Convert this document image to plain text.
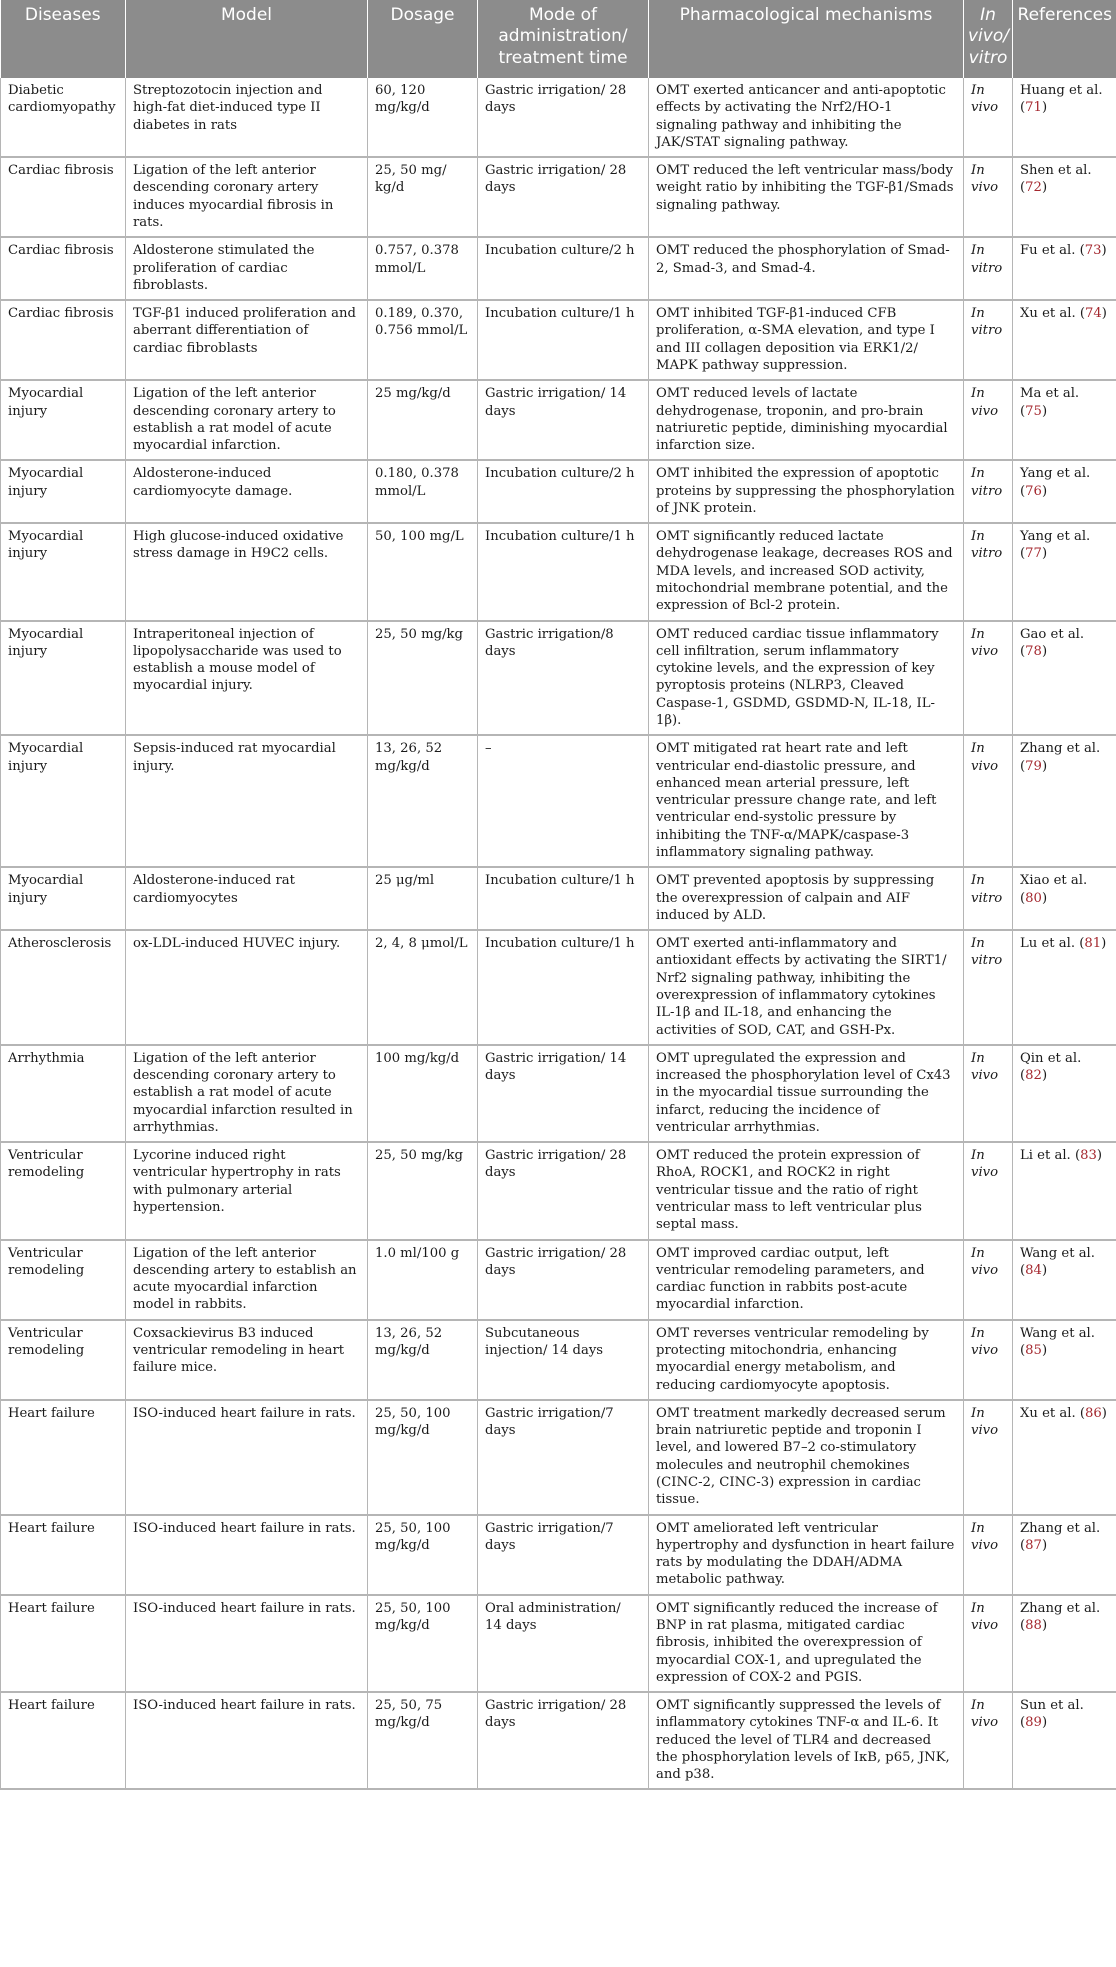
Diseases	Model	Dosage	Mode of administration/ treatment time	Pharmacological mechanisms	In vivo/ vitro	References
Diabetic cardiomyopathy	Streptozotocin injection and high-fat diet-induced type II diabetes in rats	60, 120 mg/kg/d	Gastric irrigation/ 28 days	OMT exerted anticancer and anti-apoptotic effects by activating the Nrf2/HO-1 signaling pathway and inhibiting the JAK/STAT signaling pathway.	In vivo	Huang et al. (71)
Cardiac fibrosis	Ligation of the left anterior descending coronary artery induces myocardial fibrosis in rats.	25, 50 mg/ kg/d	Gastric irrigation/ 28 days	OMT reduced the left ventricular mass/body weight ratio by inhibiting the TGF-β1/Smads signaling pathway.	In vivo	Shen et al. (72)
Cardiac fibrosis	Aldosterone stimulated the proliferation of cardiac fibroblasts.	0.757, 0.378 mmol/L	Incubation culture/2 h	OMT reduced the phosphorylation of Smad-2, Smad-3, and Smad-4.	In vitro	Fu et al. (73)
Cardiac fibrosis	TGF-β1 induced proliferation and aberrant differentiation of cardiac fibroblasts	0.189, 0.370, 0.756 mmol/L	Incubation culture/1 h	OMT inhibited TGF-β1-induced CFB proliferation, α-SMA elevation, and type I and III collagen deposition via ERK1/2/ MAPK pathway suppression.	In vitro	Xu et al. (74)
Myocardial injury	Ligation of the left anterior descending coronary artery to establish a rat model of acute myocardial infarction.	25 mg/kg/d	Gastric irrigation/ 14 days	OMT reduced levels of lactate dehydrogenase, troponin, and pro-brain natriuretic peptide, diminishing myocardial infarction size.	In vivo	Ma et al. (75)
Myocardial injury	Aldosterone-induced cardiomyocyte damage.	0.180, 0.378 mmol/L	Incubation culture/2 h	OMT inhibited the expression of apoptotic proteins by suppressing the phosphorylation of JNK protein.	In vitro	Yang et al. (76)
Myocardial injury	High glucose-induced oxidative stress damage in H9C2 cells.	50, 100 mg/L	Incubation culture/1 h	OMT significantly reduced lactate dehydrogenase leakage, decreases ROS and MDA levels, and increased SOD activity, mitochondrial membrane potential, and the expression of Bcl-2 protein.	In vitro	Yang et al. (77)
Myocardial injury	Intraperitoneal injection of lipopolysaccharide was used to establish a mouse model of myocardial injury.	25, 50 mg/kg	Gastric irrigation/8 days	OMT reduced cardiac tissue inflammatory cell infiltration, serum inflammatory cytokine levels, and the expression of key pyroptosis proteins (NLRP3, Cleaved Caspase-1, GSDMD, GSDMD-N, IL-18, IL-1β).	In vivo	Gao et al. (78)
Myocardial injury	Sepsis-induced rat myocardial injury.	13, 26, 52 mg/kg/d	–	OMT mitigated rat heart rate and left ventricular end-diastolic pressure, and enhanced mean arterial pressure, left ventricular pressure change rate, and left ventricular end-systolic pressure by inhibiting the TNF-α/MAPK/caspase-3 inflammatory signaling pathway.	In vivo	Zhang et al. (79)
Myocardial injury	Aldosterone-induced rat cardiomyocytes	25 μg/ml	Incubation culture/1 h	OMT prevented apoptosis by suppressing the overexpression of calpain and AIF induced by ALD.	In vitro	Xiao et al. (80)
Atherosclerosis	ox-LDL-induced HUVEC injury.	2, 4, 8 μmol/L	Incubation culture/1 h	OMT exerted anti-inflammatory and antioxidant effects by activating the SIRT1/ Nrf2 signaling pathway, inhibiting the overexpression of inflammatory cytokines IL-1β and IL-18, and enhancing the activities of SOD, CAT, and GSH-Px.	In vitro	Lu et al. (81)
Arrhythmia	Ligation of the left anterior descending coronary artery to establish a rat model of acute myocardial infarction resulted in arrhythmias.	100 mg/kg/d	Gastric irrigation/ 14 days	OMT upregulated the expression and increased the phosphorylation level of Cx43 in the myocardial tissue surrounding the infarct, reducing the incidence of ventricular arrhythmias.	In vivo	Qin et al. (82)
Ventricular remodeling	Lycorine induced right ventricular hypertrophy in rats with pulmonary arterial hypertension.	25, 50 mg/kg	Gastric irrigation/ 28 days	OMT reduced the protein expression of RhoA, ROCK1, and ROCK2 in right ventricular tissue and the ratio of right ventricular mass to left ventricular plus septal mass.	In vivo	Li et al. (83)
Ventricular remodeling	Ligation of the left anterior descending artery to establish an acute myocardial infarction model in rabbits.	1.0 ml/100 g	Gastric irrigation/ 28 days	OMT improved cardiac output, left ventricular remodeling parameters, and cardiac function in rabbits post-acute myocardial infarction.	In vivo	Wang et al. (84)
Ventricular remodeling	Coxsackievirus B3 induced ventricular remodeling in heart failure mice.	13, 26, 52 mg/kg/d	Subcutaneous injection/ 14 days	OMT reverses ventricular remodeling by protecting mitochondria, enhancing myocardial energy metabolism, and reducing cardiomyocyte apoptosis.	In vivo	Wang et al. (85)
Heart failure	ISO-induced heart failure in rats.	25, 50, 100 mg/kg/d	Gastric irrigation/7 days	OMT treatment markedly decreased serum brain natriuretic peptide and troponin I level, and lowered B7–2 co-stimulatory molecules and neutrophil chemokines (CINC-2, CINC-3) expression in cardiac tissue.	In vivo	Xu et al. (86)
Heart failure	ISO-induced heart failure in rats.	25, 50, 100 mg/kg/d	Gastric irrigation/7 days	OMT ameliorated left ventricular hypertrophy and dysfunction in heart failure rats by modulating the DDAH/ADMA metabolic pathway.	In vivo	Zhang et al. (87)
Heart failure	ISO-induced heart failure in rats.	25, 50, 100 mg/kg/d	Oral administration/ 14 days	OMT significantly reduced the increase of BNP in rat plasma, mitigated cardiac fibrosis, inhibited the overexpression of myocardial COX-1, and upregulated the expression of COX-2 and PGIS.	In vivo	Zhang et al. (88)
Heart failure	ISO-induced heart failure in rats.	25, 50, 75 mg/kg/d	Gastric irrigation/ 28 days	OMT significantly suppressed the levels of inflammatory cytokines TNF-α and IL-6. It reduced the level of TLR4 and decreased the phosphorylation levels of IκB, p65, JNK, and p38.	In vivo	Sun et al. (89)
